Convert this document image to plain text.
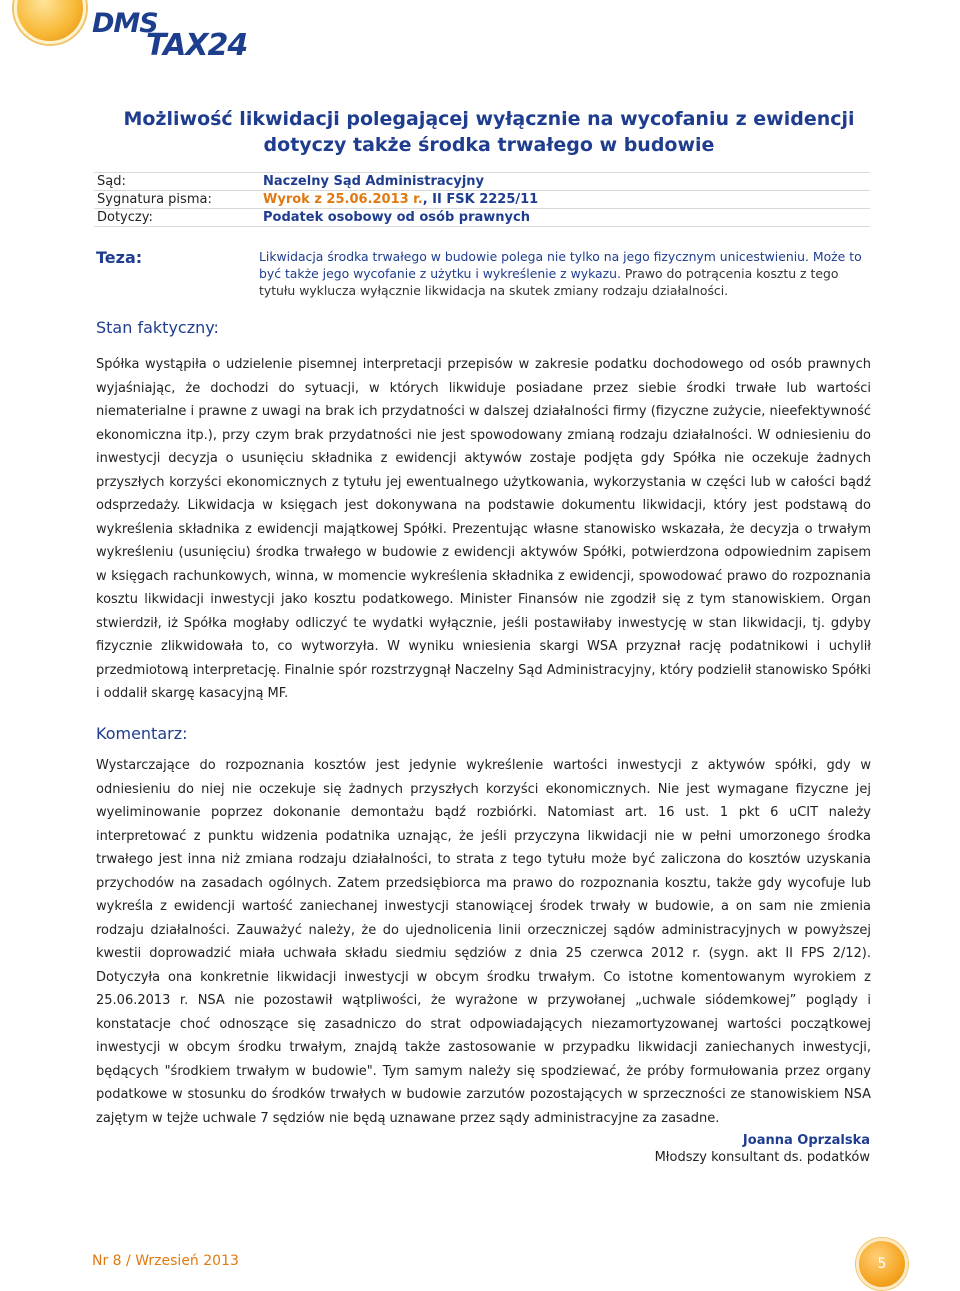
DMS
TAX24
Możliwość likwidacji polegającej wyłącznie na wycofaniu z ewidencji
dotyczy także środka trwałego w budowie
Sąd:	Naczelny Sąd Administracyjny
Sygnatura pisma:	Wyrok z 25.06.2013 r., II FSK 2225/11
Dotyczy:	Podatek osobowy od osób prawnych
Teza:	Likwidacja środka trwałego w budowie polega nie tylko na jego fizycznym unicestwieniu. Może to być także jego wycofanie z użytku i wykreślenie z wykazu. Prawo do potrącenia kosztu z tego tytułu wyklucza wyłącznie likwidacja na skutek zmiany rodzaju działalności.
Stan faktyczny:
Spółka wystąpiła o udzielenie pisemnej interpretacji przepisów w zakresie podatku dochodowego od osób prawnych wyjaśniając, że dochodzi do sytuacji, w których likwiduje posiadane przez siebie środki trwałe lub wartości niematerialne i prawne z uwagi na brak ich przydatności w dalszej działalności firmy (fizyczne zużycie, nieefektywność ekonomiczna itp.), przy czym brak przydatności nie jest spowodowany zmianą rodzaju działalności. W odniesieniu do inwestycji decyzja o usunięciu składnika z ewidencji aktywów zostaje podjęta gdy Spółka nie oczekuje żadnych przyszłych korzyści ekonomicznych z tytułu jej ewentualnego użytkowania, wykorzystania w części lub w całości bądź odsprzedaży. Likwidacja w księgach jest dokonywana na podstawie dokumentu likwidacji, który jest podstawą do wykreślenia składnika z ewidencji majątkowej Spółki. Prezentując własne stanowisko wskazała, że decyzja o trwałym wykreśleniu (usunięciu) środka trwałego w budowie z ewidencji aktywów Spółki, potwierdzona odpowiednim zapisem w księgach rachunkowych, winna, w momencie wykreślenia składnika z ewidencji, spowodować prawo do rozpoznania kosztu likwidacji inwestycji jako kosztu podatkowego. Minister Finansów nie zgodził się z tym stanowiskiem. Organ stwierdził, iż Spółka mogłaby odliczyć te wydatki wyłącznie, jeśli postawiłaby inwestycję w stan likwidacji, tj. gdyby fizycznie zlikwidowała to, co wytworzyła. W wyniku wniesienia skargi WSA przyznał rację podatnikowi i uchylił przedmiotową interpretację. Finalnie spór rozstrzygnął Naczelny Sąd Administracyjny, który podzielił stanowisko Spółki i oddalił skargę kasacyjną MF.
Komentarz:
Wystarczające do rozpoznania kosztów jest jedynie wykreślenie wartości inwestycji z aktywów spółki, gdy w odniesieniu do niej nie oczekuje się żadnych przyszłych korzyści ekonomicznych. Nie jest wymagane fizyczne jej wyeliminowanie poprzez dokonanie demontażu bądź rozbiórki. Natomiast art. 16 ust. 1 pkt 6 uCIT należy interpretować z punktu widzenia podatnika uznając, że jeśli przyczyna likwidacji nie w pełni umorzonego środka trwałego jest inna niż zmiana rodzaju działalności, to strata z tego tytułu może być zaliczona do kosztów uzyskania przychodów na zasadach ogólnych. Zatem przedsiębiorca ma prawo do rozpoznania kosztu, także gdy wycofuje lub wykreśla z ewidencji wartość zaniechanej inwestycji stanowiącej środek trwały w budowie, a on sam nie zmienia rodzaju działalności. Zauważyć należy, że do ujednolicenia linii orzeczniczej sądów administracyjnych w powyższej kwestii doprowadzić miała uchwała składu siedmiu sędziów z dnia 25 czerwca 2012 r. (sygn. akt II FPS 2/12). Dotyczyła ona konkretnie likwidacji inwestycji w obcym środku trwałym. Co istotne komentowanym wyrokiem z 25.06.2013 r. NSA nie pozostawił wątpliwości, że wyrażone w przywołanej „uchwale siódemkowej” poglądy i konstatacje choć odnoszące się zasadniczo do strat odpowiadających niezamortyzowanej wartości początkowej inwestycji w obcym środku trwałym, znajdą także zastosowanie w przypadku likwidacji zaniechanych inwestycji, będących "środkiem trwałym w budowie". Tym samym należy się spodziewać, że próby formułowania przez organy podatkowe w stosunku do środków trwałych w budowie zarzutów pozostających w sprzeczności ze stanowiskiem NSA zajętym w tejże uchwale 7 sędziów nie będą uznawane przez sądy administracyjne za zasadne.
Joanna Oprzalska
Młodszy konsultant ds. podatków
Nr 8 / Wrzesień 2013	5
